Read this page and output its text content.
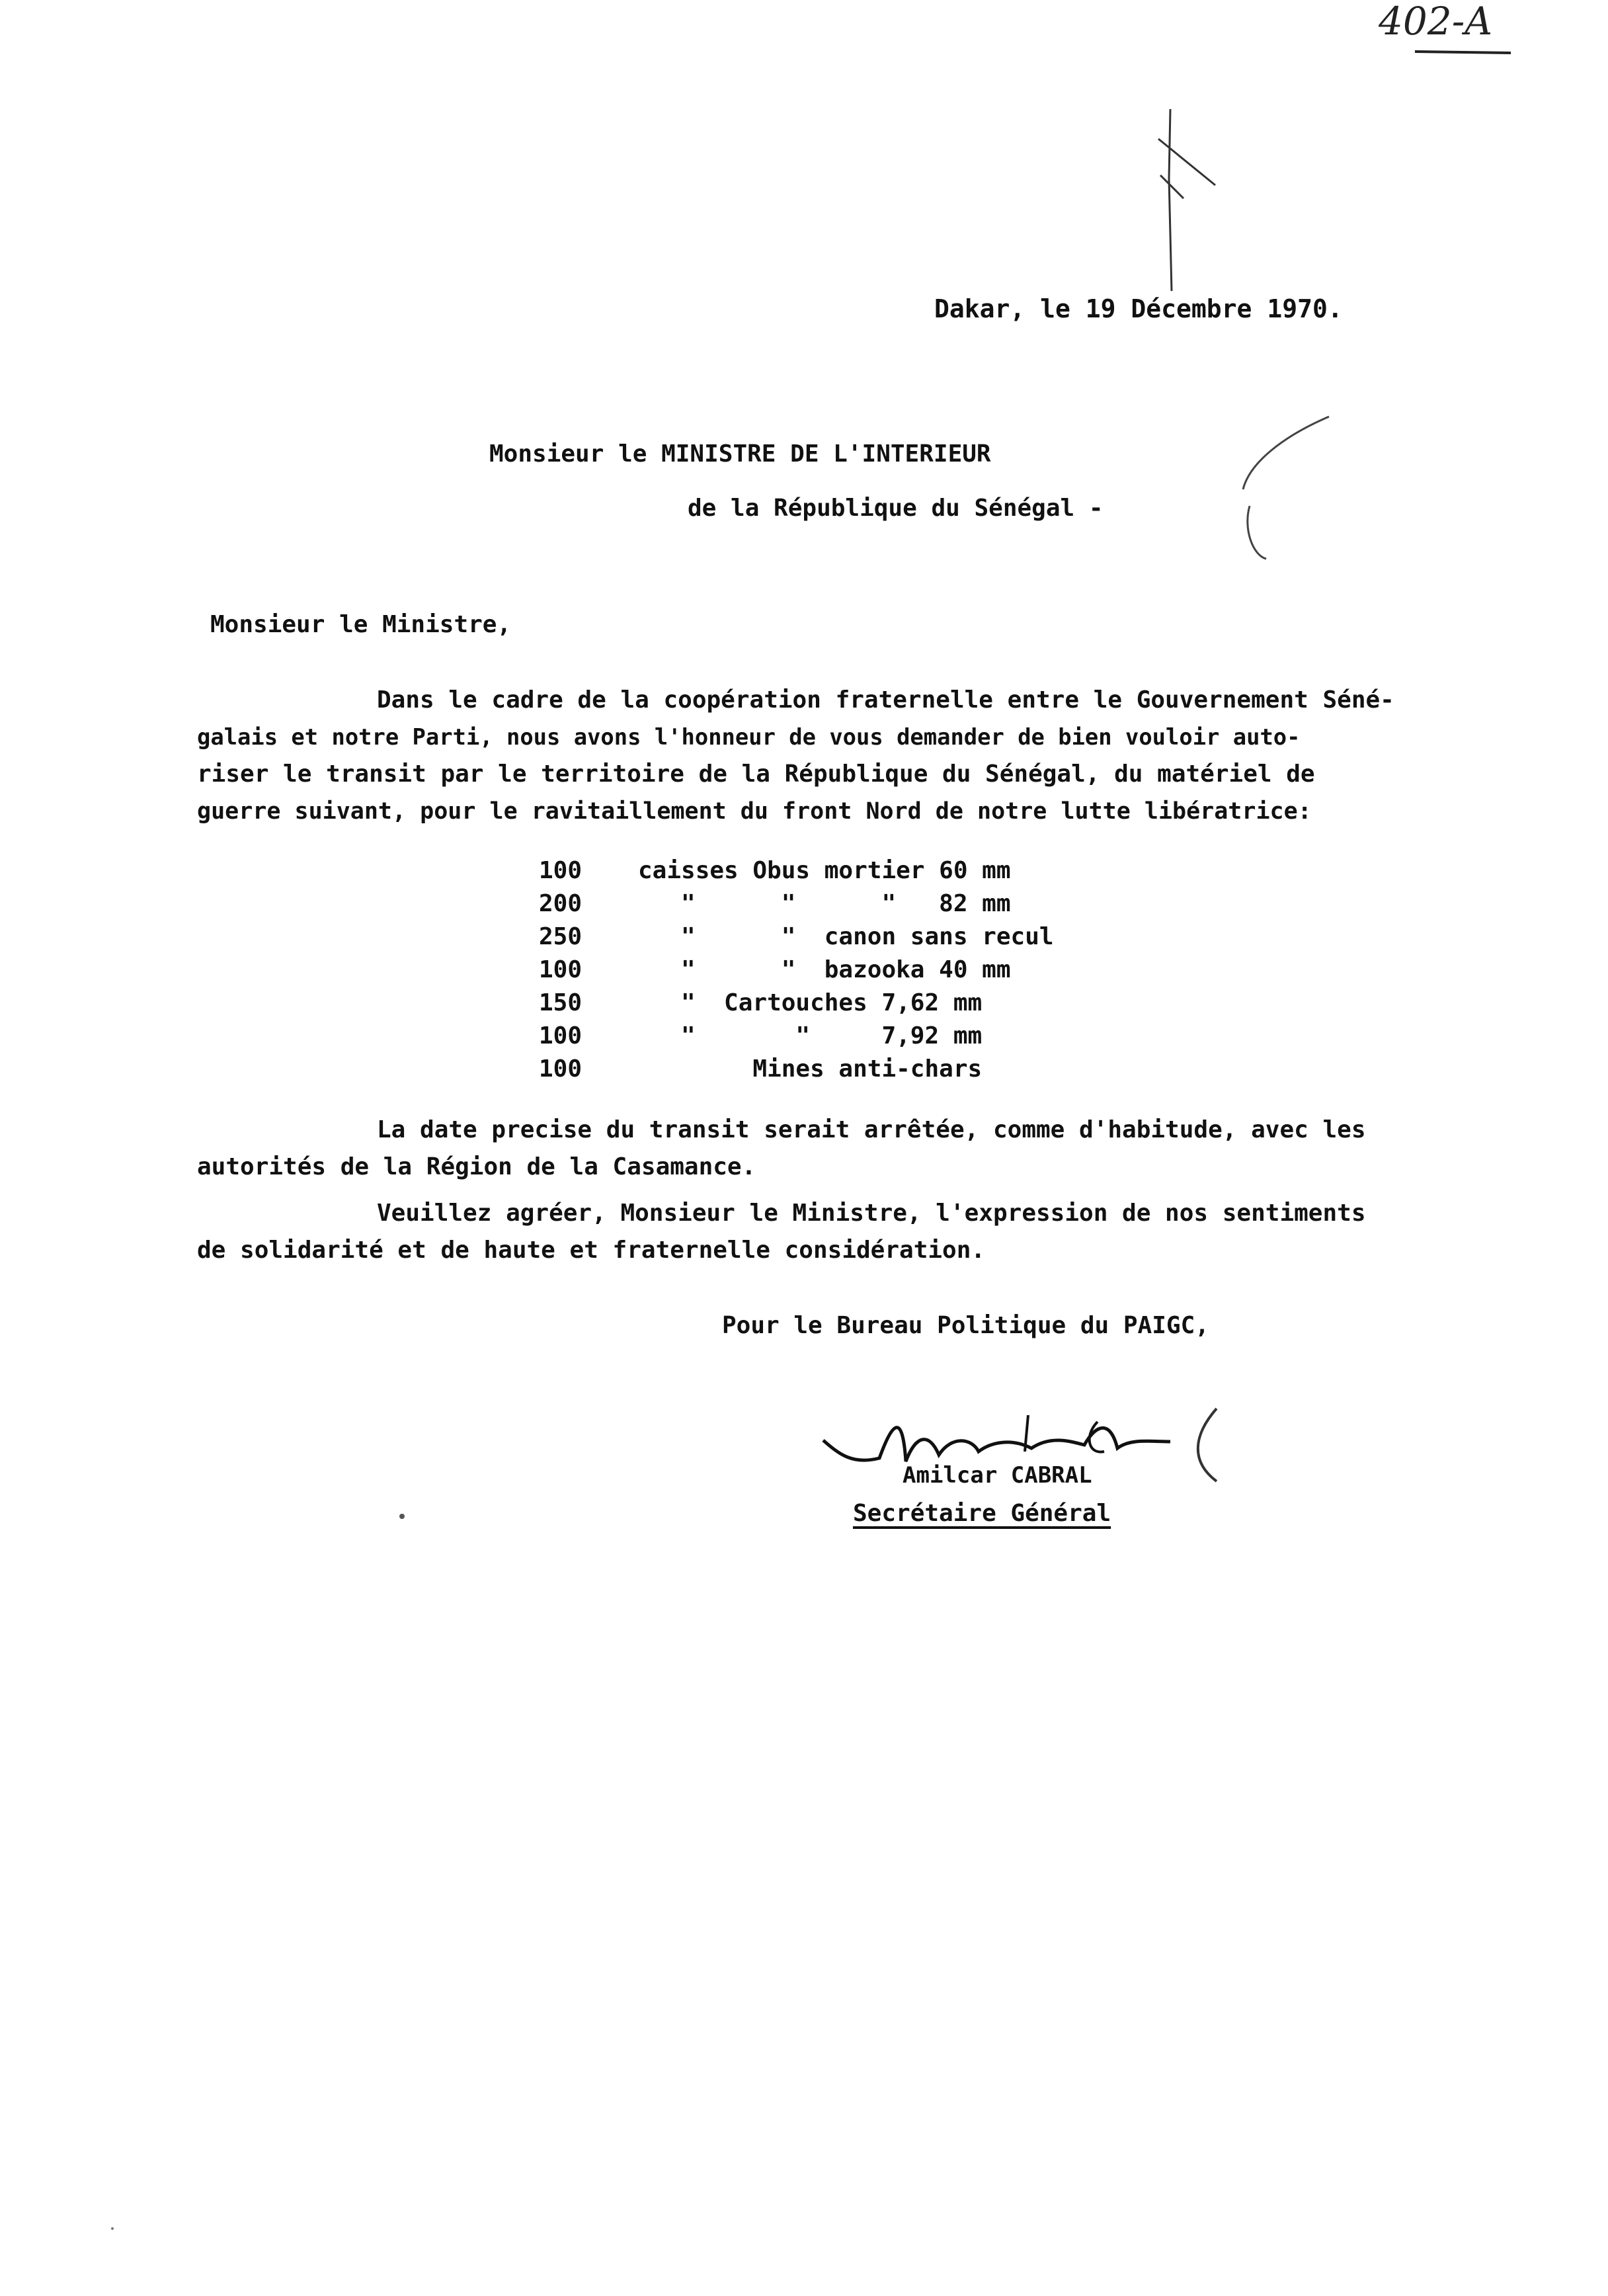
402-A

Dakar, le 19 Décembre 1970.

Monsieur le MINISTRE DE L'INTERIEUR

de la République du Sénégal -

Monsieur le Ministre,

Dans le cadre de la coopération fraternelle entre le Gouvernement Séné-

galais et notre Parti, nous avons l'honneur de vous demander de bien vouloir auto-

riser le transit par le territoire de la République du Sénégal, du matériel de

guerre suivant, pour le ravitaillement du front Nord de notre lutte libératrice:

100 caisses Obus mortier 60 mm

200   "      "      "   82 mm

250   "      "  canon sans recul

100   "      "  bazooka 40 mm

150   "  Cartouches 7,62 mm

100   "       "     7,92 mm

100        Mines anti-chars

La date precise du transit serait arrêtée, comme d'habitude, avec les

autorités de la Région de la Casamance.

Veuillez agréer, Monsieur le Ministre, l'expression de nos sentiments

de solidarité et de haute et fraternelle considération.

Pour le Bureau Politique du PAIGC,

Amilcar CABRAL

Secrétaire Général
